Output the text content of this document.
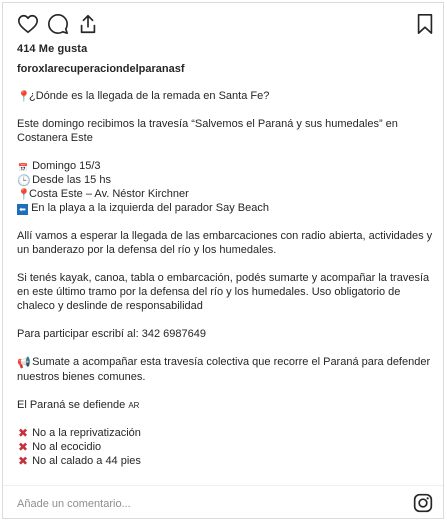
414 Me gusta
foroxlarecuperaciondelparanasf
📍¿Dónde es la llegada de la remada en Santa Fe?
Este domingo recibimos la travesía “Salvemos el Paraná y sus humedales” en Costanera Este
📅 Domingo 15/3
🕒 Desde las 15 hs
📍Costa Este – Av. Néstor Kirchner
⬅ En la playa a la izquierda del parador Say Beach
Allí vamos a esperar la llegada de las embarcaciones con radio abierta, actividades y un banderazo por la defensa del río y los humedales.
Si tenés kayak, canoa, tabla o embarcación, podés sumarte y acompañar la travesía en este último tramo por la defensa del río y los humedales. Uso obligatorio de chaleco y deslinde de responsabilidad
Para participar escribí al: 342 6987649
📢 Sumate a acompañar esta travesía colectiva que recorre el Paraná para defender nuestros bienes comunes.
El Paraná se defiende AR
✖ No a la reprivatización
✖ No al ecocidio
✖ No al calado a 44 pies
Añade un comentario...
